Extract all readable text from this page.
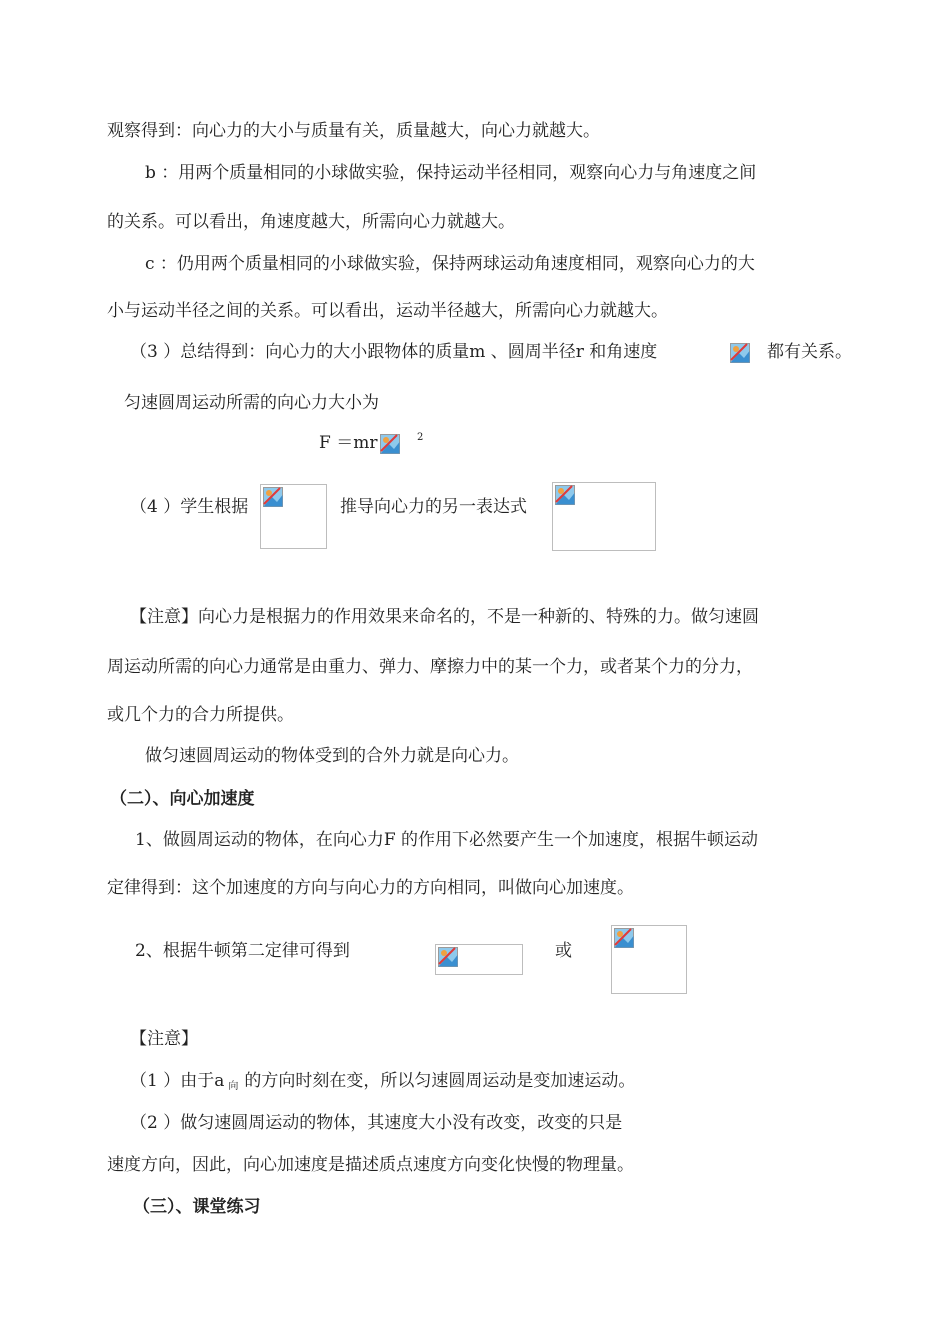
观察得到：向心力的大小与质量有关，质量越大，向心力就越大。
b ：用两个质量相同的小球做实验，保持运动半径相同，观察向心力与角速度之间
的关系。可以看出，角速度越大，所需向心力就越大。
c ：仍用两个质量相同的小球做实验，保持两球运动角速度相同，观察向心力的大
小与运动半径之间的关系。可以看出，运动半径越大，所需向心力就越大。
（3 ）总结得到：向心力的大小跟物体的质量m 、圆周半径r 和角速度	都有关系。
匀速圆周运动所需的向心力大小为
F ＝mr	$^2$
（4 ）学生根据	推导向心力的另一表达式
【注意】向心力是根据力的作用效果来命名的，不是一种新的、特殊的力。做匀速圆
周运动所需的向心力通常是由重力、弹力、摩擦力中的某一个力，或者某个力的分力，
或几个力的合力所提供。
做匀速圆周运动的物体受到的合外力就是向心力。
（二）、向心加速度
1、做圆周运动的物体，在向心力F 的作用下必然要产生一个加速度，根据牛顿运动
定律得到：这个加速度的方向与向心力的方向相同，叫做向心加速度。
2、根据牛顿第二定律可得到	或
【注意】
（1 ）由于a 向 的方向时刻在变，所以匀速圆周运动是变加速运动。
（2 ）做匀速圆周运动的物体，其速度大小没有改变，改变的只是
速度方向，因此，向心加速度是描述质点速度方向变化快慢的物理量。
（三）、课堂练习
